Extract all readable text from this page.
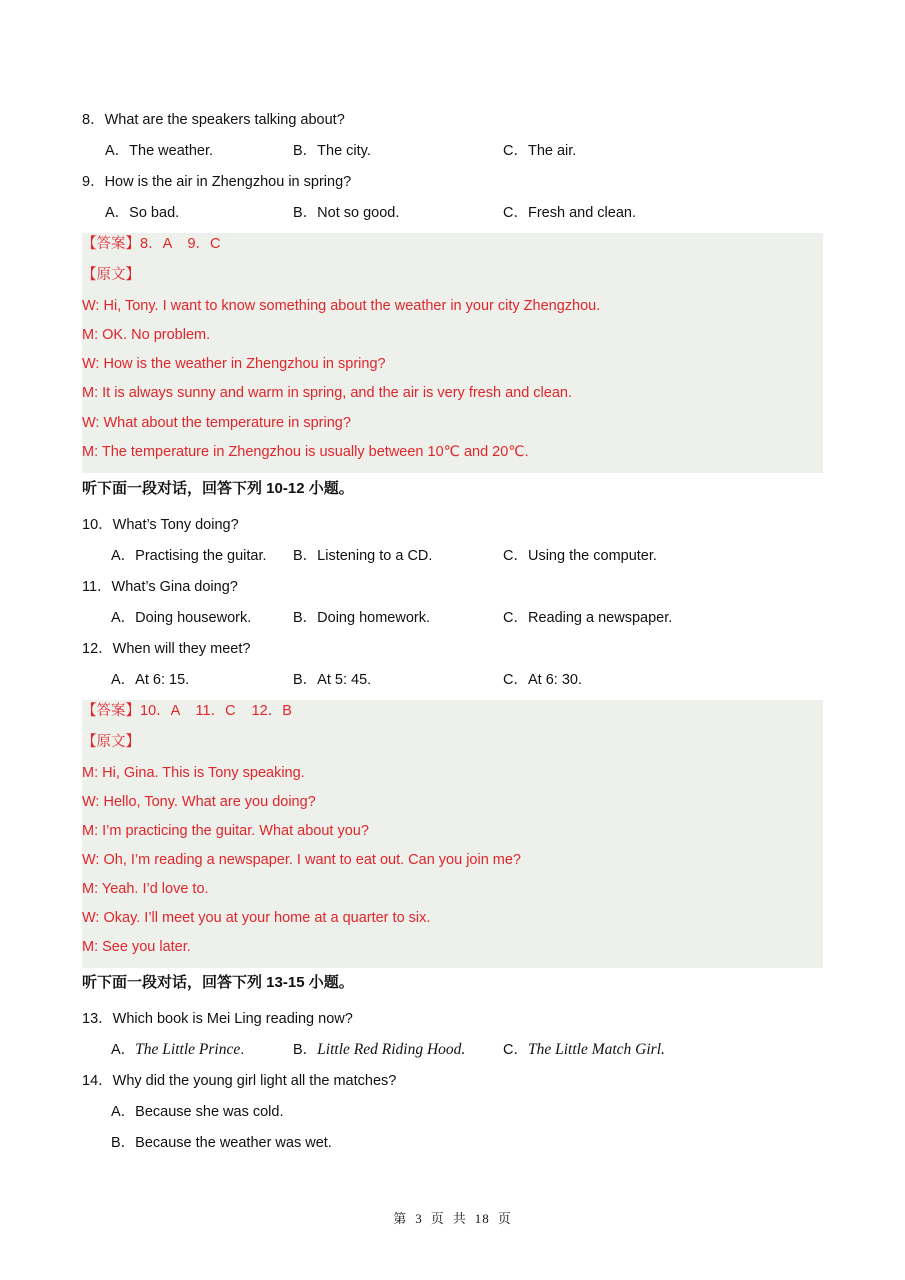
8．What are the speakers talking about?
A．The weather.	B．The city.	C．The air.
9．How is the air in Zhengzhou in spring?
A．So bad.	B．Not so good.	C．Fresh and clean.
【答案】8．A 9．C
【原文】
W: Hi, Tony. I want to know something about the weather in your city Zhengzhou.
M: OK. No problem.
W: How is the weather in Zhengzhou in spring?
M: It is always sunny and warm in spring, and the air is very fresh and clean.
W: What about the temperature in spring?
M: The temperature in Zhengzhou is usually between 10℃ and 20℃.
听下面一段对话，回答下列 10-12 小题。
10．What’s Tony doing?
A．Practising the guitar. B．Listening to a CD.	C．Using the computer.
11．What’s Gina doing?
A．Doing housework.	B．Doing homework.	C．Reading a newspaper.
12．When will they meet?
A．At 6: 15.	B．At 5: 45.	C．At 6: 30.
【答案】10．A 11．C 12．B
【原文】
M: Hi, Gina. This is Tony speaking.
W: Hello, Tony. What are you doing?
M: I’m practicing the guitar. What about you?
W: Oh, I’m reading a newspaper. I want to eat out. Can you join me?
M: Yeah. I’d love to.
W: Okay. I’ll meet you at your home at a quarter to six.
M: See you later.
听下面一段对话，回答下列 13-15 小题。
13．Which book is Mei Ling reading now?
A．The Little Prince.	B．Little Red Riding Hood.	C．The Little Match Girl.
14．Why did the young girl light all the matches?
A．Because she was cold.
B．Because the weather was wet.
第 3 页 共 18 页
